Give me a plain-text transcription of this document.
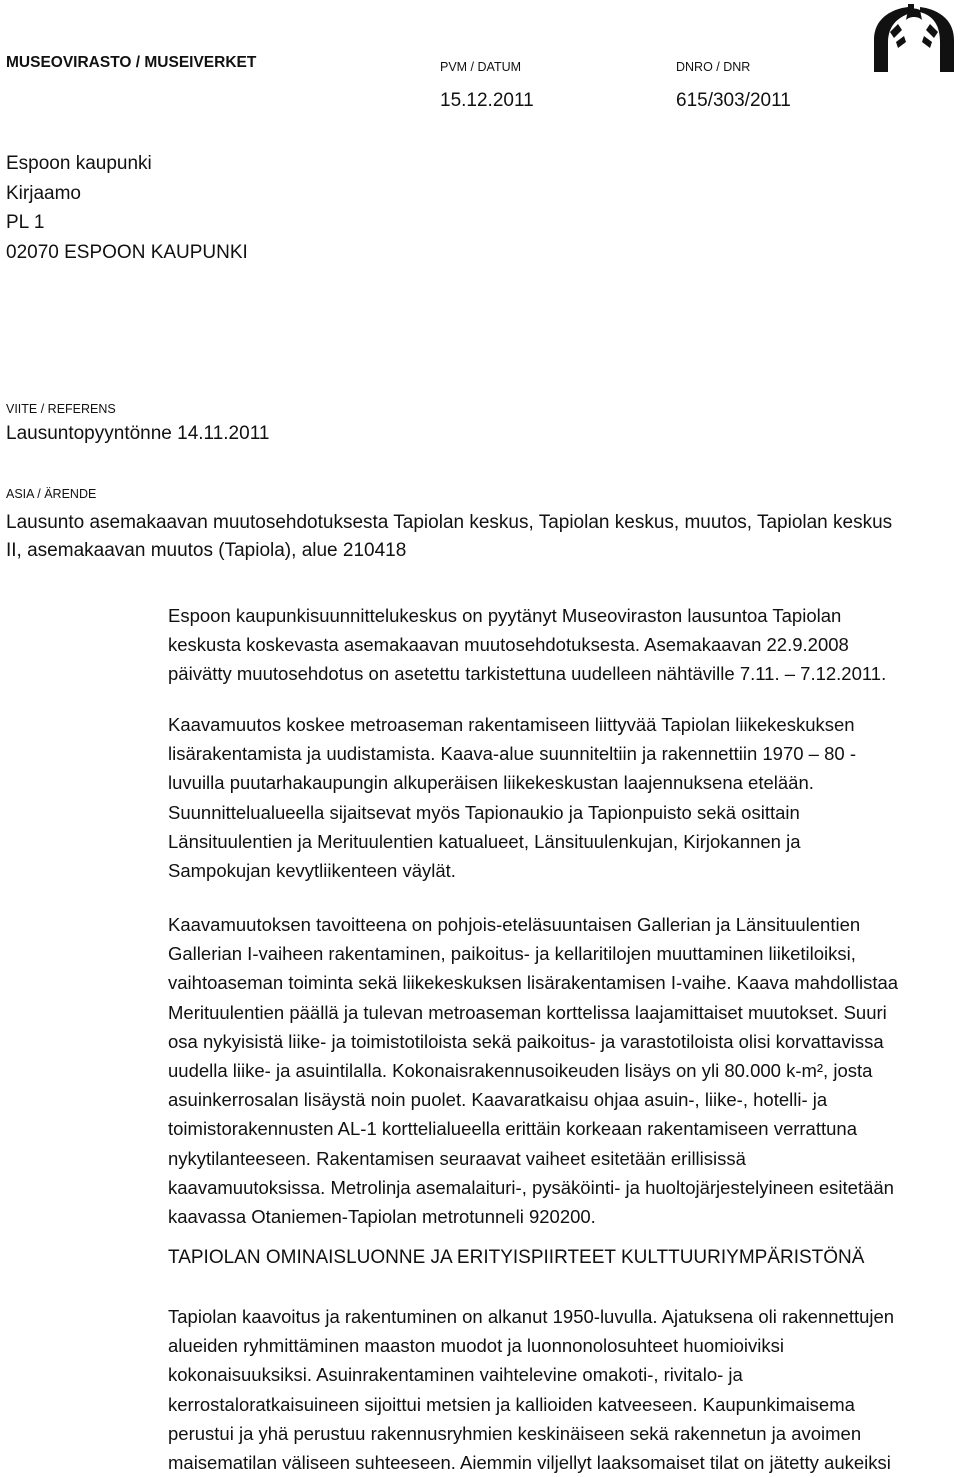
MUSEOVIRASTO / MUSEIVERKET	PVM / DATUM
15.12.2011
DNRO / DNR
615/303/2011
Espoon kaupunki
Kirjaamo
PL 1
02070 ESPOON KAUPUNKI
VIITE / REFERENS
Lausuntopyyntönne 14.11.2011
ASIA / ÄRENDE
Lausunto asemakaavan muutosehdotuksesta Tapiolan keskus, Tapiolan keskus, muutos, Tapiolan keskus
II, asemakaavan muutos (Tapiola), alue 210418
Espoon kaupunkisuunnittelukeskus on pyytänyt Museoviraston lausuntoa Tapiolan
keskusta koskevasta asemakaavan muutosehdotuksesta. Asemakaavan 22.9.2008
päivätty muutosehdotus on asetettu tarkistettuna uudelleen nähtäville 7.11. – 7.12.2011.
Kaavamuutos koskee metroaseman rakentamiseen liittyvää Tapiolan liikekeskuksen
lisärakentamista ja uudistamista. Kaava-alue suunniteltiin ja rakennettiin 1970 – 80 -
luvuilla puutarhakaupungin alkuperäisen liikekeskustan laajennuksena etelään.
Suunnittelualueella sijaitsevat myös Tapionaukio ja Tapionpuisto sekä osittain
Länsituulentien ja Merituulentien katualueet, Länsituulenkujan, Kirjokannen ja
Sampokujan kevytliikenteen väylät.
Kaavamuutoksen tavoitteena on pohjois-eteläsuuntaisen Gallerian ja Länsituulentien
Gallerian I-vaiheen rakentaminen, paikoitus- ja kellaritilojen muuttaminen liiketiloiksi,
vaihtoaseman toiminta sekä liikekeskuksen lisärakentamisen I-vaihe. Kaava mahdollistaa
Merituulentien päällä ja tulevan metroaseman korttelissa laajamittaiset muutokset. Suuri
osa nykyisistä liike- ja toimistotiloista sekä paikoitus- ja varastotiloista olisi korvattavissa
uudella liike- ja asuintilalla. Kokonaisrakennusoikeuden lisäys on yli 80.000 k-m², josta
asuinkerrosalan lisäystä noin puolet. Kaavaratkaisu ohjaa asuin-, liike-, hotelli- ja
toimistorakennusten AL-1 korttelialueella erittäin korkeaan rakentamiseen verrattuna
nykytilanteeseen. Rakentamisen seuraavat vaiheet esitetään erillisissä
kaavamuutoksissa. Metrolinja asemalaituri-, pysäköinti- ja huoltojärjestelyineen esitetään
kaavassa Otaniemen-Tapiolan metrotunneli 920200.
TAPIOLAN OMINAISLUONNE JA ERITYISPIIRTEET KULTTUURIYMPÄRISTÖNÄ
Tapiolan kaavoitus ja rakentuminen on alkanut 1950-luvulla. Ajatuksena oli rakennettujen
alueiden ryhmittäminen maaston muodot ja luonnonolosuhteet huomioiviksi
kokonaisuuksiksi. Asuinrakentaminen vaihtelevine omakoti-, rivitalo- ja
kerrostaloratkaisuineen sijoittui metsien ja kallioiden katveeseen. Kaupunkimaisema
perustui ja yhä perustuu rakennusryhmien keskinäiseen sekä rakennetun ja avoimen
maisematilan väliseen suhteeseen. Aiemmin viljellyt laaksomaiset tilat on jätetty aukeiksi
